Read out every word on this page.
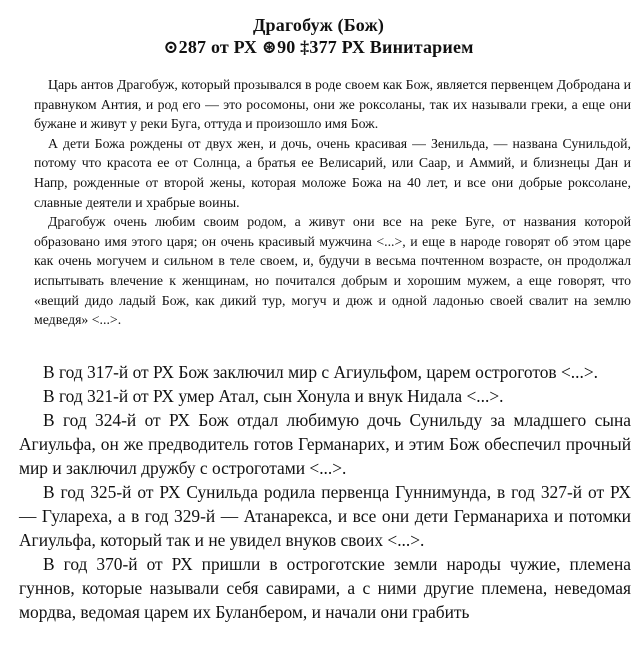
Драгобуж (Бож)
⊙287 от РХ ⊛90 ‡377 РХ Винитарием

Царь антов Драгобуж, который прозывался в роде своем как Бож, является первенцем Добродана и правнуком Антия, и род его — это росомоны, они же роксоланы, так их называли греки, а еще они бужане и живут у реки Буга, оттуда и произошло имя Бож.

А дети Божа рождены от двух жен, и дочь, очень красивая — Зенильда, — названа Сунильдой, потому что красота ее от Солнца, а братья ее Велисарий, или Саар, и Аммий, и близнецы Дан и Напр, рожденные от второй жены, которая моложе Божа на 40 лет, и все они добрые роксолане, славные деятели и храбрые воины.

Драгобуж очень любим своим родом, а живут они все на реке Буге, от названия которой образовано имя этого царя; он очень красивый мужчина <...>, и еще в народе говорят об этом царе как очень могучем и сильном в теле своем, и, будучи в весьма почтенном возрасте, он продолжал испытывать влечение к женщинам, но почитался добрым и хорошим мужем, а еще говорят, что «вещий дидо ладый Бож, как дикий тур, могуч и дюж и одной ладонью своей свалит на землю медведя» <...>.

В год 317-й от РХ Бож заключил мир с Агиульфом, царем остроготов <...>.

В год 321-й от РХ умер Атал, сын Хонула и внук Нидала <...>.

В год 324-й от РХ Бож отдал любимую дочь Сунильду за младшего сына Агиульфа, он же предводитель готов Германарих, и этим Бож обеспечил прочный мир и заключил дружбу с остроготами <...>.

В год 325-й от РХ Сунильда родила первенца Гуннимунда, в год 327-й от РХ — Гулареха, а в год 329-й — Атанарекса, и все они дети Германариха и потомки Агиульфа, который так и не увидел внуков своих <...>.

В год 370-й от РХ пришли в остроготские земли народы чужие, племена гуннов, которые называли себя савирами, а с ними другие племена, неведомая мордва, ведомая царем их Буланбером, и начали они грабить
